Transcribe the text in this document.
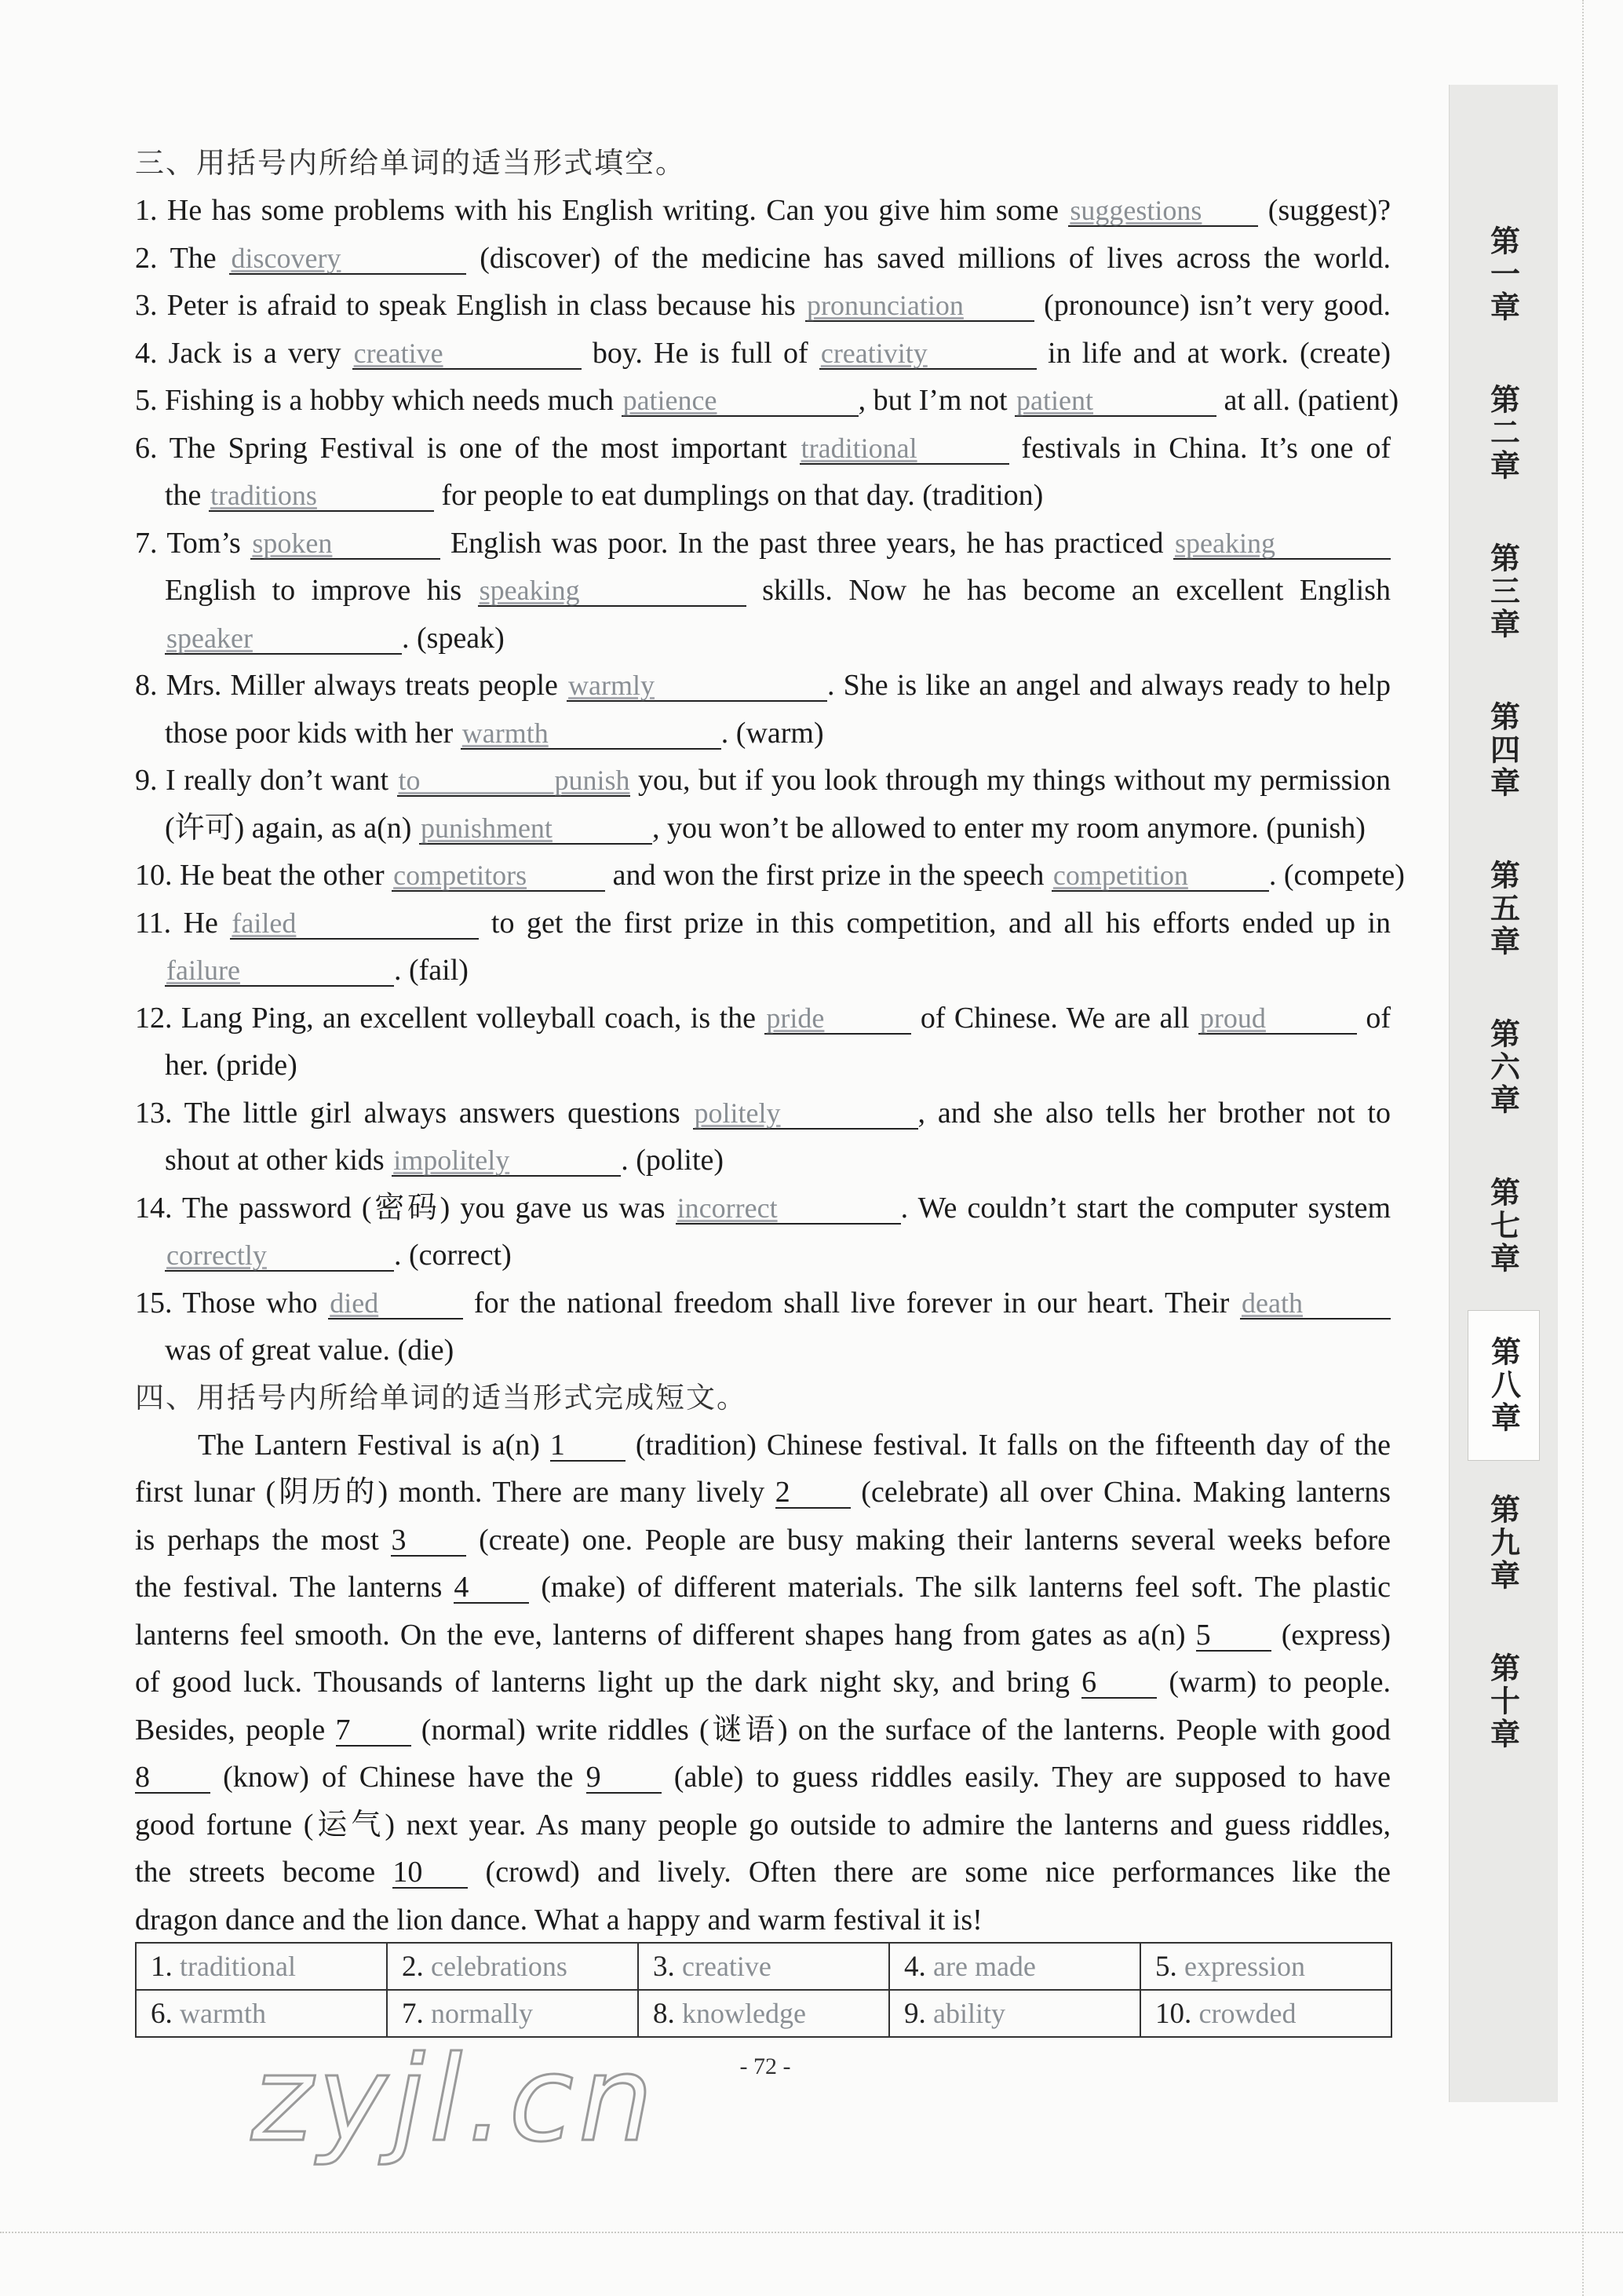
第一章
第二章
第三章
第四章
第五章
第六章
第七章
第八章
第九章
第十章
三、用括号内所给单词的适当形式填空。
1. He has some problems with his English writing. Can you give him some suggestions (suggest)?
2. The discovery	(discover) of the medicine has saved millions of lives across the world.
3. Peter is afraid to speak English in class because his pronunciation (pronounce) isn’t very good.
4. Jack is a very creative	boy. He is full of creativity	in life and at work. (create)
5. Fishing is a hobby which needs much patience	, but I’m not patient	at all. (patient)
6. The Spring Festival is one of the most important traditional	festivals in China. It’s one of
the traditions	for people to eat dumplings on that day. (tradition)
7. Tom’s spoken	English was poor. In the past three years, he has practiced speaking
English to improve his speaking	skills. Now he has become an excellent English
speaker	. (speak)
8. Mrs. Miller always treats people warmly	. She is like an angel and always ready to help
those poor kids with her warmth	. (warm)
9. I really don’t want to punish you, but if you look through my things without my permission
(许可) again, as a(n) punishment	, you won’t be allowed to enter my room anymore. (punish)
10. He beat the other competitors	and won the first prize in the speech competition	. (compete)
11. He failed	to get the first prize in this competition, and all his efforts ended up in
failure	. (fail)
12. Lang Ping, an excellent volleyball coach, is the pride	of Chinese. We are all proud	of
her. (pride)
13. The little girl always answers questions politely	, and she also tells her brother not to
shout at other kids impolitely	. (polite)
14. The password (密码) you gave us was incorrect	. We couldn’t start the computer system
correctly	. (correct)
15. Those who died	for the national freedom shall live forever in our heart. Their death
was of great value. (die)
四、用括号内所给单词的适当形式完成短文。
The Lantern Festival is a(n) 1 (tradition) Chinese festival. It falls on the fifteenth day of the
first lunar (阴历的) month. There are many lively 2 (celebrate) all over China. Making lanterns
is perhaps the most 3 (create) one. People are busy making their lanterns several weeks before
the festival. The lanterns 4 (make) of different materials. The silk lanterns feel soft. The plastic
lanterns feel smooth. On the eve, lanterns of different shapes hang from gates as a(n) 5 (express)
of good luck. Thousands of lanterns light up the dark night sky, and bring 6 (warm) to people.
Besides, people 7 (normal) write riddles (谜语) on the surface of the lanterns. People with good
8 (know) of Chinese have the 9 (able) to guess riddles easily. They are supposed to have
good fortune (运气) next year. As many people go outside to admire the lanterns and guess riddles,
the streets become 10 (crowd) and lively. Often there are some nice performances like the
dragon dance and the lion dance. What a happy and warm festival it is!
1. traditional	2. celebrations	3. creative	4. are made	5. expression
6. warmth	7. normally	8. knowledge	9. ability	10. crowded
- 72 -
zyjl.cn
